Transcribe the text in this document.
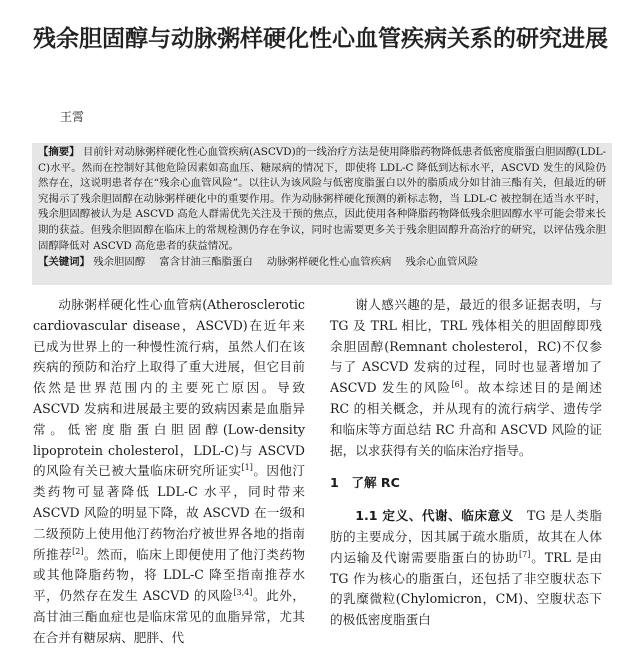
残余胆固醇与动脉粥样硬化性心血管疾病关系的研究进展
王霄

【摘要】 目前针对动脉粥样硬化性心血管疾病(ASCVD)的一线治疗方法是使用降脂药物降低患者低密度脂蛋白胆固醇(LDL-C)水平。然而在控制好其他危险因素如高血压、糖尿病的情况下，即使将 LDL-C 降低到达标水平，ASCVD 发生的风险仍然存在，这说明患者存在“残余心血管风险”。以往认为该风险与低密度脂蛋白以外的脂质成分如甘油三酯有关，但最近的研究揭示了残余胆固醇在动脉粥样硬化中的重要作用。作为动脉粥样硬化预测的新标志物，当 LDL-C 被控制在适当水平时，残余胆固醇被认为是 ASCVD 高危人群需优先关注及干预的焦点，因此使用各种降脂药物降低残余胆固醇水平可能会带来长期的获益。但残余胆固醇在临床上的常规检测仍存在争议，同时也需要更多关于残余胆固醇升高治疗的研究，以评估残余胆固醇降低对 ASCVD 高危患者的获益情况。

【关键词】 残余胆固醇 富含甘油三酯脂蛋白 动脉粥样硬化性心血管疾病 残余心血管风险

动脉粥样硬化性心血管病(Atherosclerotic cardiovascular disease，ASCVD)在近年来已成为世界上的一种慢性流行病，虽然人们在该疾病的预防和治疗上取得了重大进展，但它目前依然是世界范围内的主要死亡原因。导致 ASCVD 发病和进展最主要的致病因素是血脂异常。低密度脂蛋白胆固醇(Low-density lipoprotein cholesterol，LDL-C)与 ASCVD 的风险有关已被大量临床研究所证实[1]。因他汀类药物可显著降低 LDL-C 水平，同时带来 ASCVD 风险的明显下降，故 ASCVD 在一级和二级预防上使用他汀药物治疗被世界各地的指南所推荐[2]。然而，临床上即便使用了他汀类药物或其他降脂药物，将 LDL-C 降至指南推荐水平，仍然存在发生 ASCVD 的风险[3,4]。此外，高甘油三酯血症也是临床常见的血脂异常，尤其在合并有糖尿病、肥胖、代

谢人感兴趣的是，最近的很多证据表明，与 TG 及 TRL 相比，TRL 残体相关的胆固醇即残余胆固醇(Remnant cholesterol，RC)不仅参与了 ASCVD 发病的过程，同时也显著增加了 ASCVD 发生的风险[6]。故本综述目的是阐述 RC 的相关概念，并从现有的流行病学、遗传学和临床等方面总结 RC 升高和 ASCVD 风险的证据，以求获得有关的临床治疗指导。

1　了解 RC

1.1 定义、代谢、临床意义　TG 是人类脂肪的主要成分，因其属于疏水脂质，故其在人体内运输及代谢需要脂蛋白的协助[7]。TRL 是由 TG 作为核心的脂蛋白，还包括了非空腹状态下的乳糜微粒(Chylomicron，CM)、空腹状态下的极低密度脂蛋白
